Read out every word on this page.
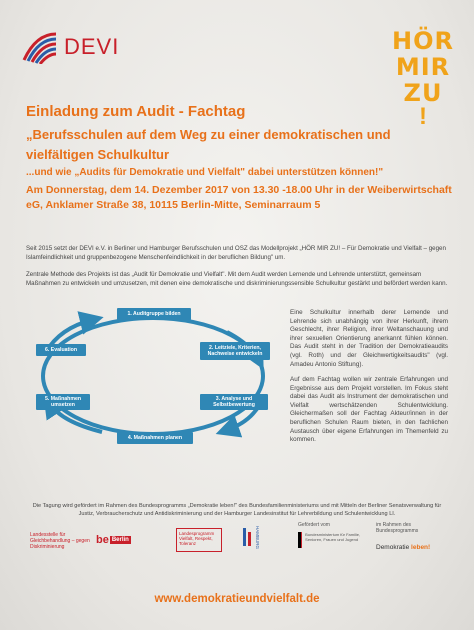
DEVI	HÖR
MIR
ZU
!
Einladung zum Audit - Fachtag
„Berufsschulen auf dem Weg zu einer demokratischen und vielfältigen Schulkultur
...und wie „Audits für Demokratie und Vielfalt" dabei unterstützen können!"
Am Donnerstag, dem 14. Dezember 2017 von 13.30 -18.00 Uhr in der Weiberwirtschaft eG, Anklamer Straße 38, 10115 Berlin-Mitte, Seminarraum 5
Seit 2015 setzt der DEVI e.V. in Berliner und Hamburger Berufsschulen und OSZ das Modellprojekt „HÖR MIR ZU! – Für Demokratie und Vielfalt – gegen Islamfeindlichkeit und gruppenbezogene Menschenfeindlichkeit in der beruflichen Bildung" um.
Zentrale Methode des Projekts ist das „Audit für Demokratie und Vielfalt". Mit dem Audit werden Lernende und Lehrende unterstützt, gemeinsam Maßnahmen zu entwickeln und umzusetzen, mit denen eine demokratische und diskriminierungssensible Schulkultur gestärkt und befördert werden kann.
1. Auditgruppe bilden
2. Leitziele, Kriterien, Nachweise entwickeln
3. Analyse und Selbstbewertung
4. Maßnahmen planen
5. Maßnahmen umsetzen
6. Evaluation
Eine Schulkultur innerhalb derer Lernende und Lehrende sich unabhängig von ihrer Herkunft, ihrem Geschlecht, ihrer Religion, ihrer Weltanschauung und ihrer sexuellen Orientierung anerkannt fühlen können. Das Audit steht in der Tradition der Demokratieaudits (vgl. Roth) und der Gleichwertigkeitsaudits" (vgl. Amadeu Antonio Stiftung).
Auf dem Fachtag wollen wir zentrale Erfahrungen und Ergebnisse aus dem Projekt vorstellen. Im Fokus steht dabei das Audit als Instrument der demokratischen und Vielfalt wertschätzenden Schulentwicklung. Gleichermaßen soll der Fachtag Akteur/innen in der beruflichen Schulen Raum bieten, in den fachlichen Austausch über eigene Erfahrungen im Themenfeld zu kommen.
Die Tagung wird gefördert im Rahmen des Bundesprogramms „Demokratie leben!" des Bundesfamilienministeriums und mit Mitteln der Berliner Senatsverwaltung für Justiz, Verbraucherschutz und Antidiskriminierung und der Hamburger Landesinstitut für Lehrerbildung und Schulentwicklung LI.
Landesstelle für Gleichbehandlung – gegen Diskriminierung
be Berlin
Landesprogramm Vielfalt, Respekt, Toleranz	HAMBURG
Gefördert vom
Bundesministerium für Familie, Senioren, Frauen und Jugend
im Rahmen des Bundesprogramms
Demokratie leben!
www.demokratieundvielfalt.de
